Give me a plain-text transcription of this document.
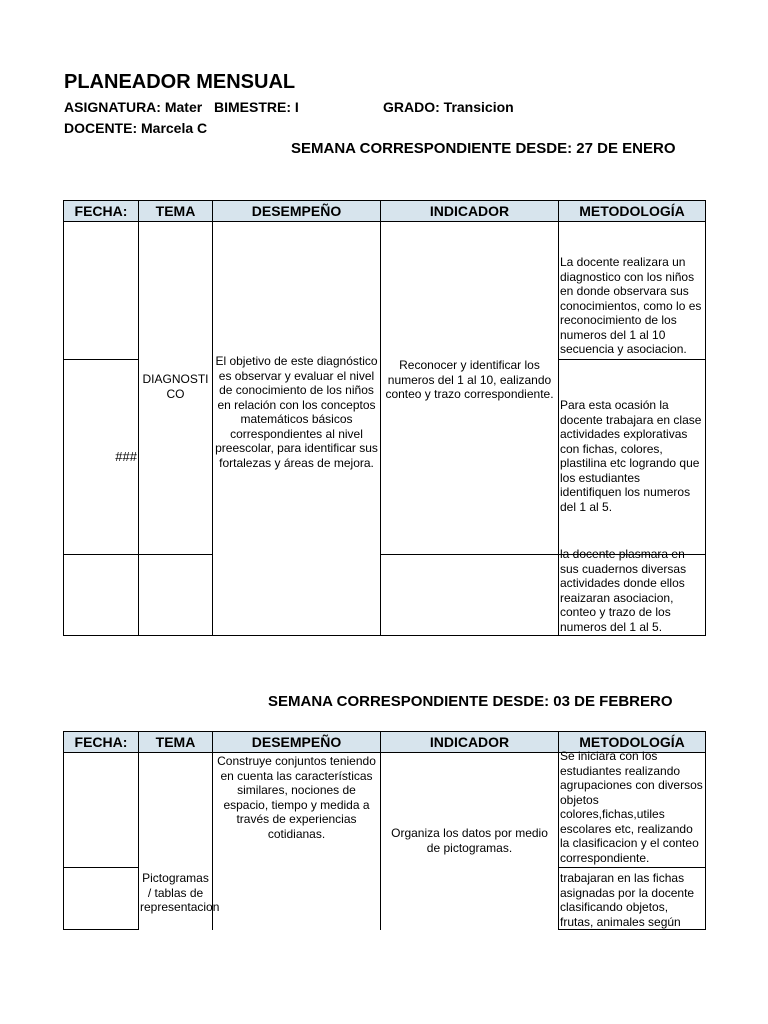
PLANEADOR MENSUAL
ASIGNATURA: Mater BIMESTRE: I	GRADO: Transicion
DOCENTE: Marcela C
SEMANA CORRESPONDIENTE DESDE: 27 DE ENERO
FECHA:	TEMA	DESEMPEÑO	INDICADOR	METODOLOGÍA

	DIAGNOSTICO	El objetivo de este diagnóstico es observar y evaluar el nivel de conocimiento de los niños en relación con los conceptos matemáticos básicos correspondientes al nivel preescolar, para identificar sus fortalezas y áreas de mejora.	Reconocer y identificar los numeros del 1 al 10, ealizando conteo y trazo correspondiente.	La docente realizara un diagnostico con los niños en donde observara sus conocimientos, como lo es reconocimiento de los numeros del 1 al 10 secuencia y asociacion.

###				Para esta ocasión la docente trabajara en clase actividades explorativas con fichas, colores, plastilina etc logrando que los estudiantes identifiquen los numeros del 1 al 5.

				la docente plasmara en sus cuadernos diversas actividades donde ellos reaizaran asociacion, conteo y trazo de los numeros del 1 al 5.
SEMANA CORRESPONDIENTE DESDE: 03 DE FEBRERO
FECHA:	TEMA	DESEMPEÑO	INDICADOR	METODOLOGÍA

	Pictogramas / tablas de representacion	Construye conjuntos teniendo en cuenta las características similares, nociones de espacio, tiempo y medida a través de experiencias cotidianas.	Organiza los datos por medio de pictogramas.	Se iniciara con los estudiantes realizando agrupaciones con diversos objetos colores,fichas,utiles escolares etc, realizando la clasificacion y el conteo correspondiente.

				trabajaran en las fichas asignadas por la docente clasificando objetos, frutas, animales según
